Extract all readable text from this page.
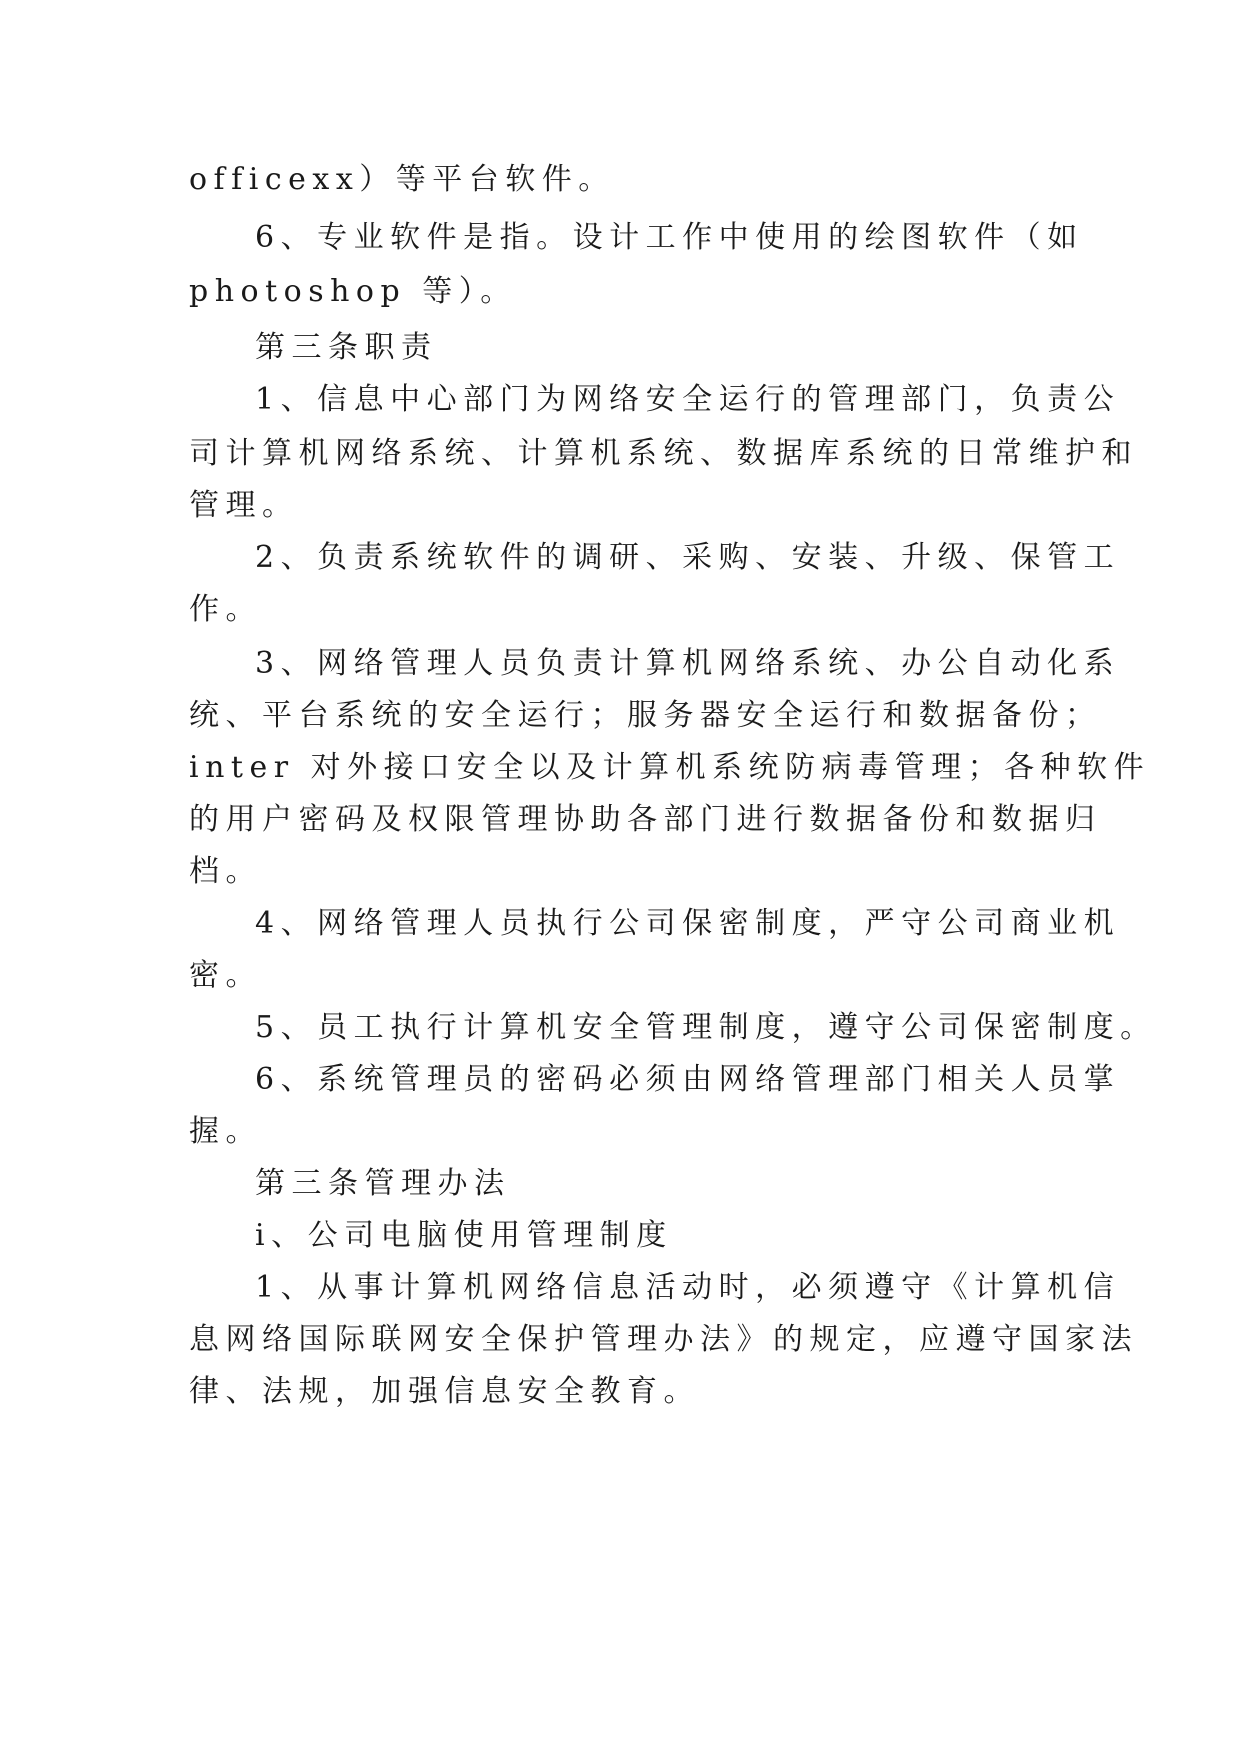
officexx）等平台软件。
6、专业软件是指。设计工作中使用的绘图软件（如
photoshop 等）。
第三条职责
1、信息中心部门为网络安全运行的管理部门，负责公
司计算机网络系统、计算机系统、数据库系统的日常维护和
管理。
2、负责系统软件的调研、采购、安装、升级、保管工
作。
3、网络管理人员负责计算机网络系统、办公自动化系
统、平台系统的安全运行；服务器安全运行和数据备份；
inter 对外接口安全以及计算机系统防病毒管理；各种软件
的用户密码及权限管理协助各部门进行数据备份和数据归
档。
4、网络管理人员执行公司保密制度，严守公司商业机
密。
5、员工执行计算机安全管理制度，遵守公司保密制度。
6、系统管理员的密码必须由网络管理部门相关人员掌
握。
第三条管理办法
i、公司电脑使用管理制度
1、从事计算机网络信息活动时，必须遵守《计算机信
息网络国际联网安全保护管理办法》的规定，应遵守国家法
律、法规，加强信息安全教育。
